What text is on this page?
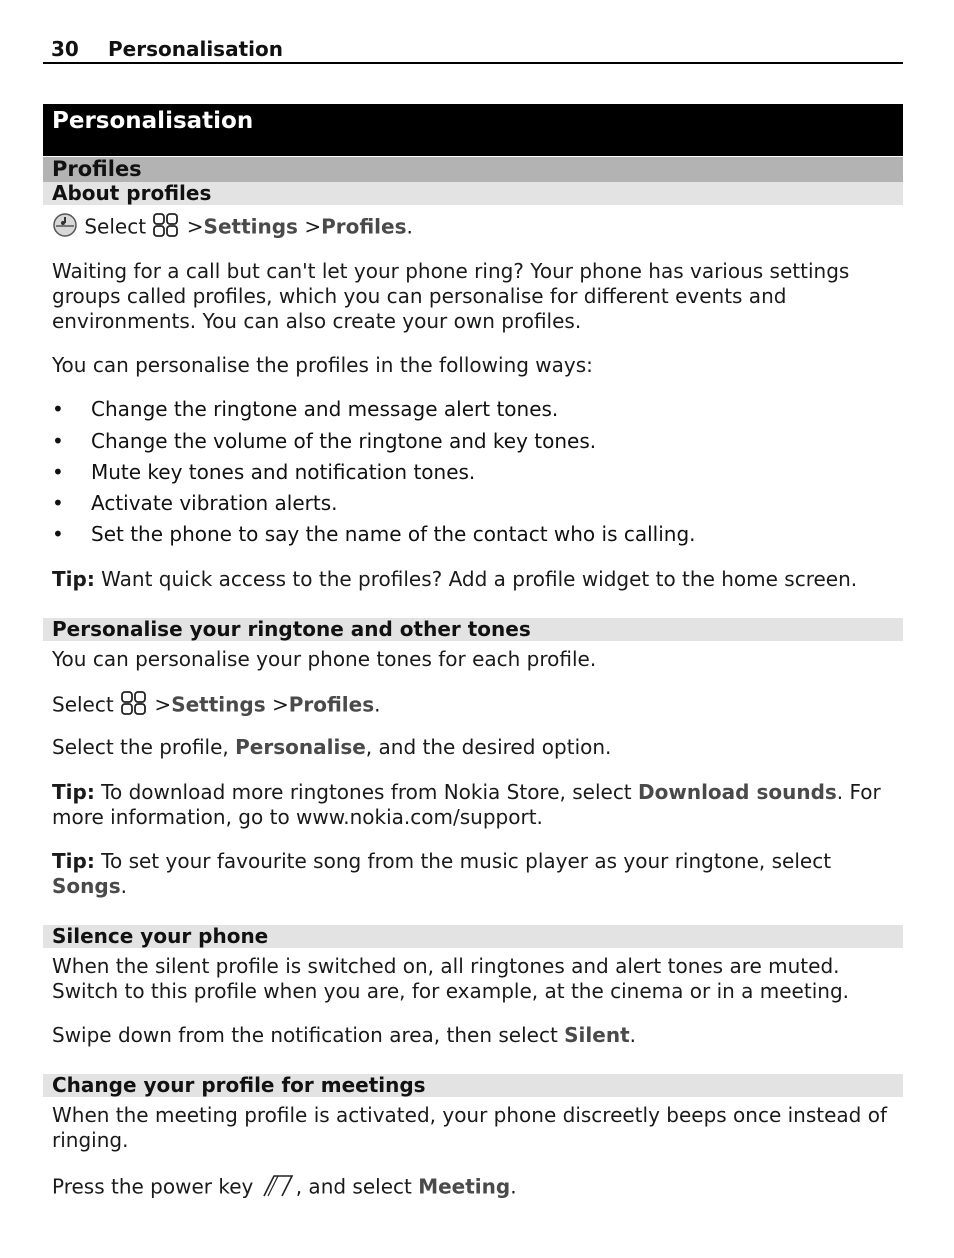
30 Personalisation
Personalisation
Profiles
About profiles
Select >Settings >Profiles.
Waiting for a call but can't let your phone ring? Your phone has various settings groups called profiles, which you can personalise for different events and environments. You can also create your own profiles.
You can personalise the profiles in the following ways:
• Change the ringtone and message alert tones.
• Change the volume of the ringtone and key tones.
• Mute key tones and notification tones.
• Activate vibration alerts.
• Set the phone to say the name of the contact who is calling.
Tip: Want quick access to the profiles? Add a profile widget to the home screen.
Personalise your ringtone and other tones
You can personalise your phone tones for each profile.
Select >Settings >Profiles.
Select the profile, Personalise, and the desired option.
Tip: To download more ringtones from Nokia Store, select Download sounds. For more information, go to www.nokia.com/support.
Tip: To set your favourite song from the music player as your ringtone, select Songs.
Silence your phone
When the silent profile is switched on, all ringtones and alert tones are muted. Switch to this profile when you are, for example, at the cinema or in a meeting.
Swipe down from the notification area, then select Silent.
Change your profile for meetings
When the meeting profile is activated, your phone discreetly beeps once instead of ringing.
Press the power key , and select Meeting.
